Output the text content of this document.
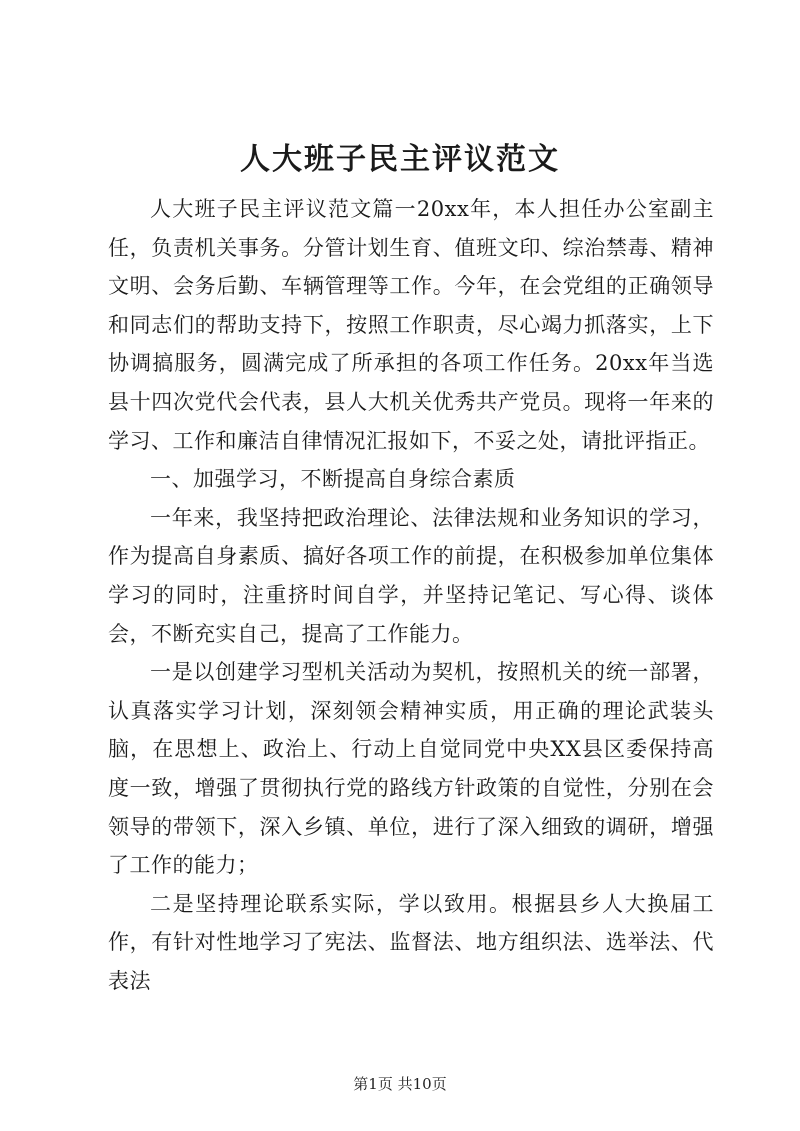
人大班子民主评议范文

人大班子民主评议范文篇一20xx年，本人担任办公室副主任，负责机关事务。分管计划生育、值班文印、综治禁毒、精神文明、会务后勤、车辆管理等工作。今年，在会党组的正确领导和同志们的帮助支持下，按照工作职责，尽心竭力抓落实，上下协调搞服务，圆满完成了所承担的各项工作任务。20xx年当选县十四次党代会代表，县人大机关优秀共产党员。现将一年来的学习、工作和廉洁自律情况汇报如下，不妥之处，请批评指正。

一、加强学习，不断提高自身综合素质

一年来，我坚持把政治理论、法律法规和业务知识的学习，作为提高自身素质、搞好各项工作的前提，在积极参加单位集体学习的同时，注重挤时间自学，并坚持记笔记、写心得、谈体会，不断充实自己，提高了工作能力。

一是以创建学习型机关活动为契机，按照机关的统一部署，认真落实学习计划，深刻领会精神实质，用正确的理论武装头脑，在思想上、政治上、行动上自觉同党中央XX县区委保持高度一致，增强了贯彻执行党的路线方针政策的自觉性，分别在会领导的带领下，深入乡镇、单位，进行了深入细致的调研，增强了工作的能力；

二是坚持理论联系实际，学以致用。根据县乡人大换届工作，有针对性地学习了宪法、监督法、地方组织法、选举法、代表法

第1页 共10页
